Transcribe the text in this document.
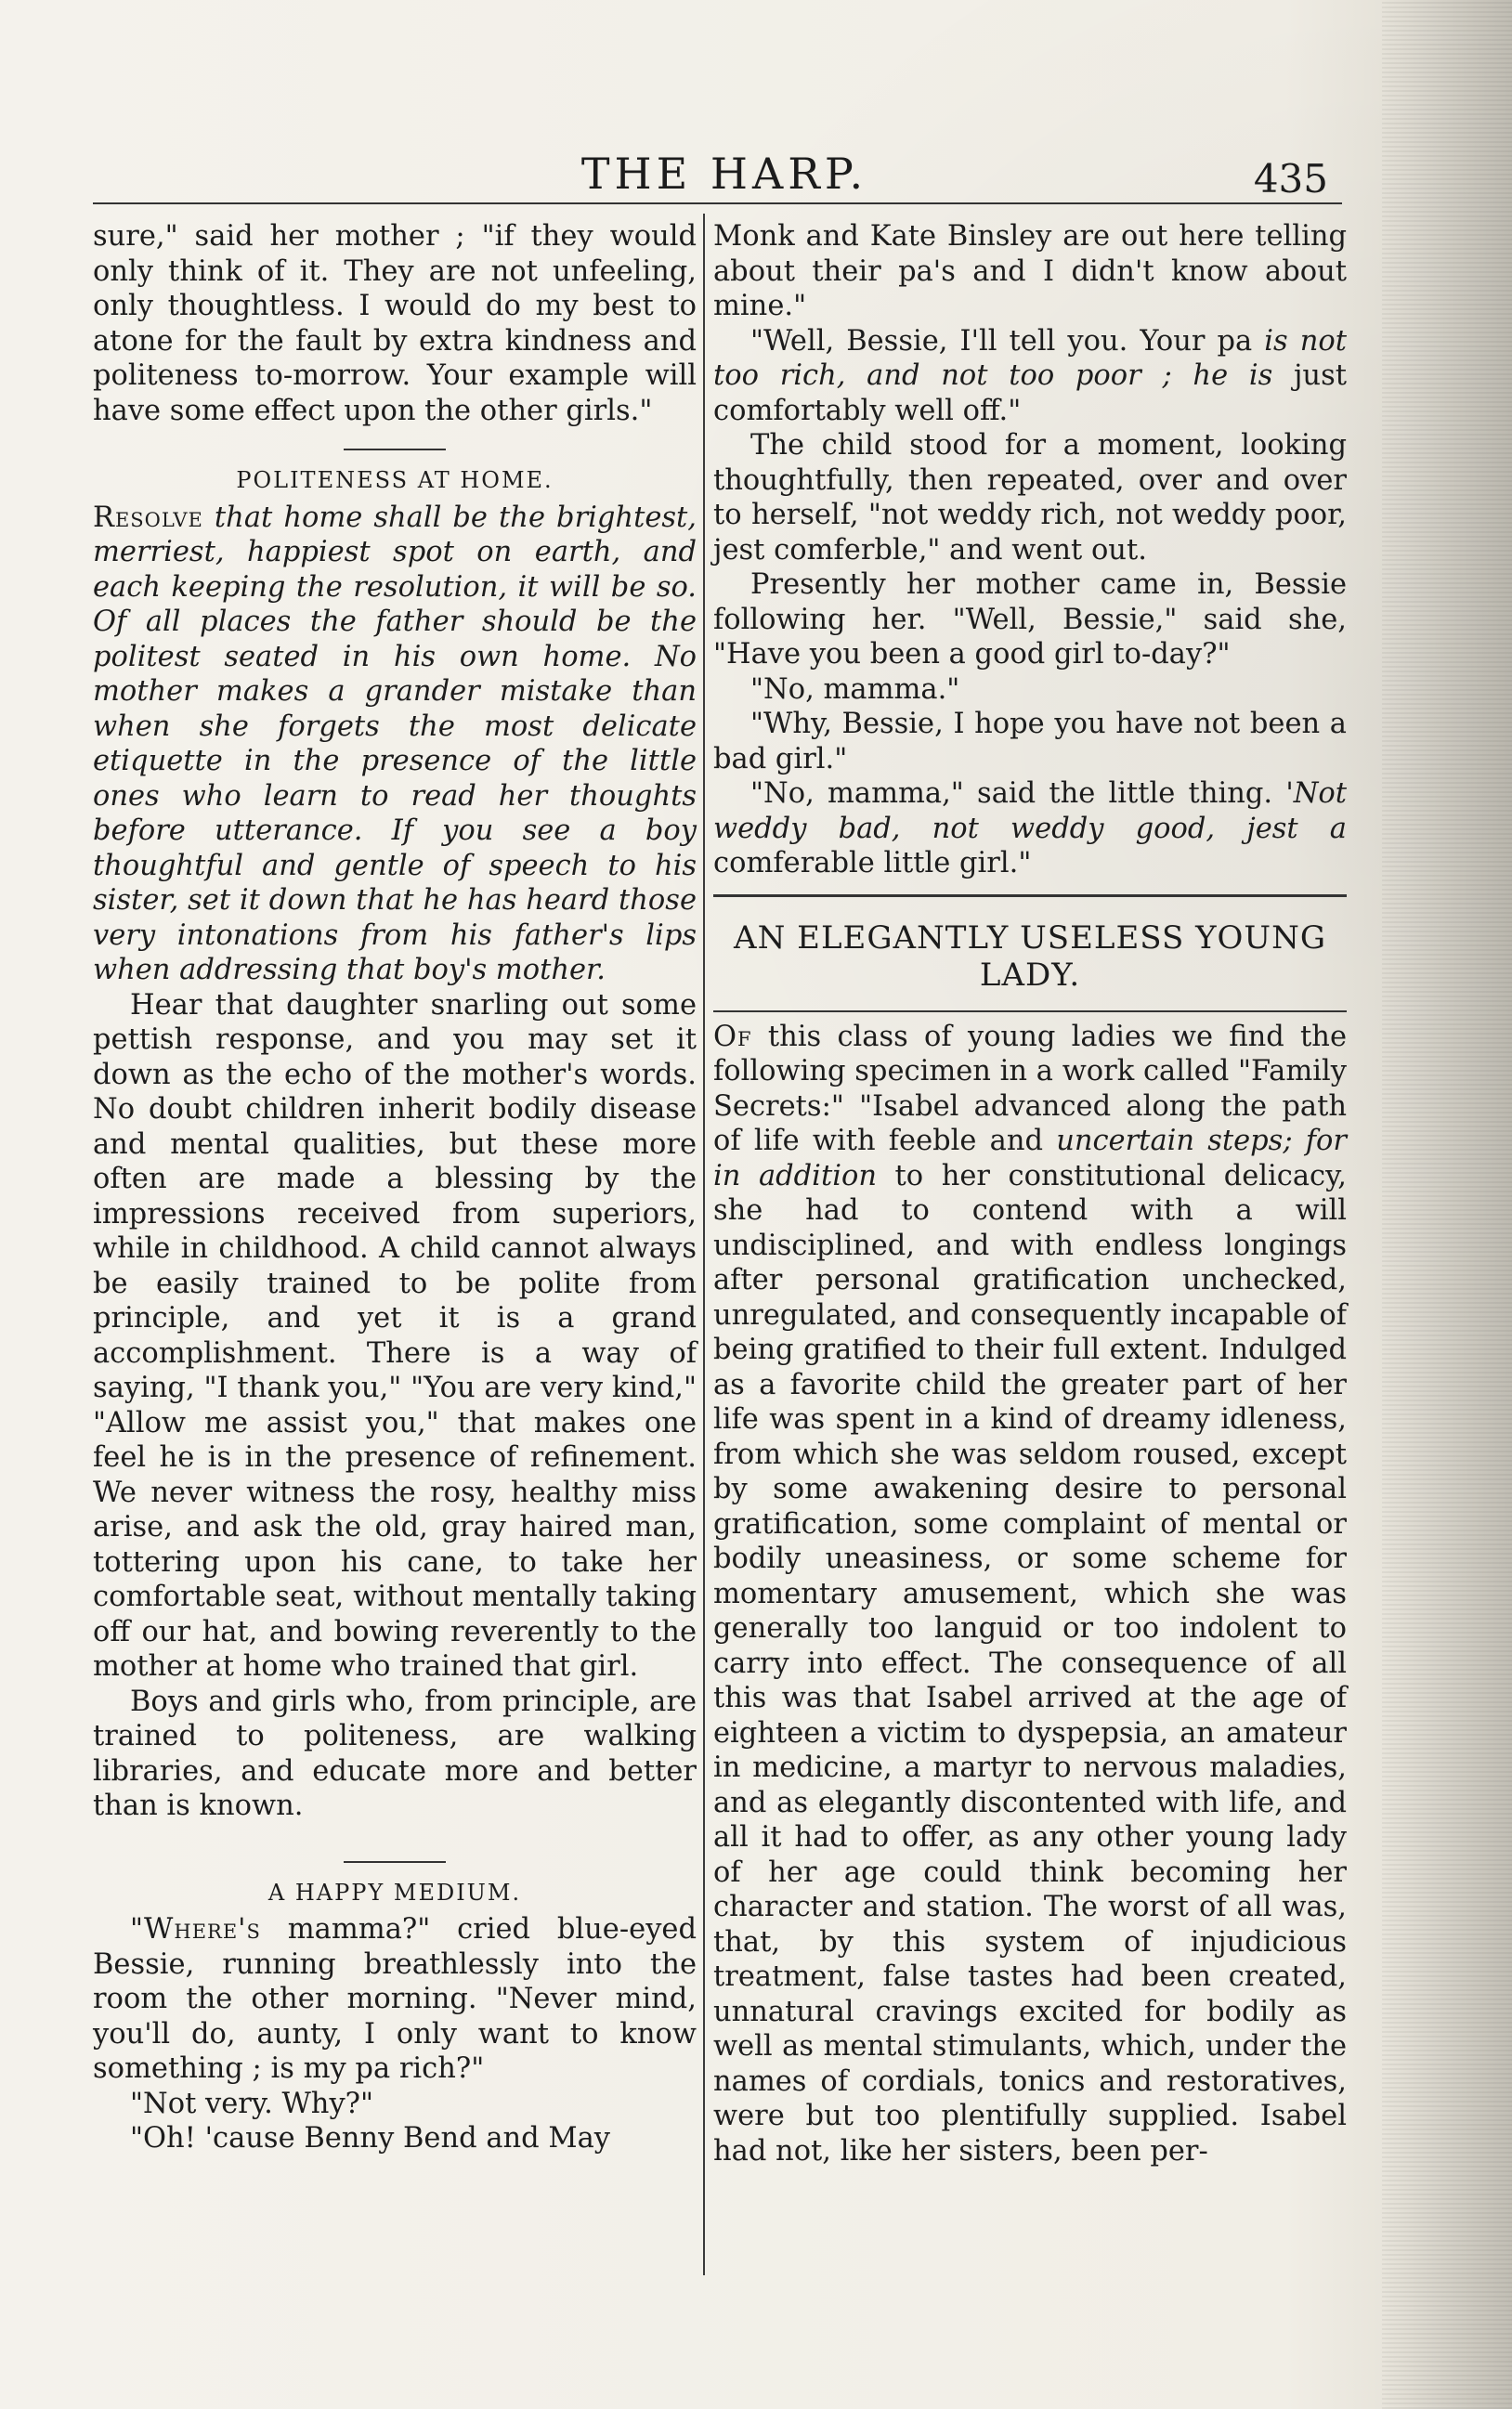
THE HARP.	435

sure," said her mother ; "if they would only think of it. They are not unfeeling, only thoughtless. I would do my best to atone for the fault by extra kindness and politeness to-morrow. Your example will have some effect upon the other girls."

POLITENESS AT HOME.

Resolve that home shall be the brightest, merriest, happiest spot on earth, and each keeping the resolution, it will be so. Of all places the father should be the politest seated in his own home. No mother makes a grander mistake than when she forgets the most delicate etiquette in the presence of the little ones who learn to read her thoughts before utterance. If you see a boy thoughtful and gentle of speech to his sister, set it down that he has heard those very intonations from his father's lips when addressing that boy's mother.

Hear that daughter snarling out some pettish response, and you may set it down as the echo of the mother's words. No doubt children inherit bodily disease and mental qualities, but these more often are made a blessing by the impressions received from superiors, while in childhood. A child cannot always be easily trained to be polite from principle, and yet it is a grand accomplishment. There is a way of saying, "I thank you," "You are very kind," "Allow me assist you," that makes one feel he is in the presence of refinement. We never witness the rosy, healthy miss arise, and ask the old, gray haired man, tottering upon his cane, to take her comfortable seat, without mentally taking off our hat, and bowing reverently to the mother at home who trained that girl.

Boys and girls who, from principle, are trained to politeness, are walking libraries, and educate more and better than is known.

A HAPPY MEDIUM.

"Where's mamma?" cried blue-eyed Bessie, running breathlessly into the room the other morning. "Never mind, you'll do, aunty, I only want to know something ; is my pa rich?"

"Not very. Why?"

"Oh! 'cause Benny Bend and May

Monk and Kate Binsley are out here telling about their pa's and I didn't know about mine."

"Well, Bessie, I'll tell you. Your pa is not too rich, and not too poor ; he is just comfortably well off."

The child stood for a moment, looking thoughtfully, then repeated, over and over to herself, "not weddy rich, not weddy poor, jest comferble," and went out.

Presently her mother came in, Bessie following her. "Well, Bessie," said she, "Have you been a good girl to-day?"

"No, mamma."

"Why, Bessie, I hope you have not been a bad girl."

"No, mamma," said the little thing. 'Not weddy bad, not weddy good, jest a comferable little girl."

AN ELEGANTLY USELESS YOUNG LADY.

Of this class of young ladies we find the following specimen in a work called "Family Secrets:" "Isabel advanced along the path of life with feeble and uncertain steps; for in addition to her constitutional delicacy, she had to contend with a will undisciplined, and with endless longings after personal gratification unchecked, unregulated, and consequently incapable of being gratified to their full extent. Indulged as a favorite child the greater part of her life was spent in a kind of dreamy idleness, from which she was seldom roused, except by some awakening desire to personal gratification, some complaint of mental or bodily uneasiness, or some scheme for momentary amusement, which she was generally too languid or too indolent to carry into effect. The consequence of all this was that Isabel arrived at the age of eighteen a victim to dyspepsia, an amateur in medicine, a martyr to nervous maladies, and as elegantly discontented with life, and all it had to offer, as any other young lady of her age could think becoming her character and station. The worst of all was, that, by this system of injudicious treatment, false tastes had been created, unnatural cravings excited for bodily as well as mental stimulants, which, under the names of cordials, tonics and restoratives, were but too plentifully supplied. Isabel had not, like her sisters, been per-
